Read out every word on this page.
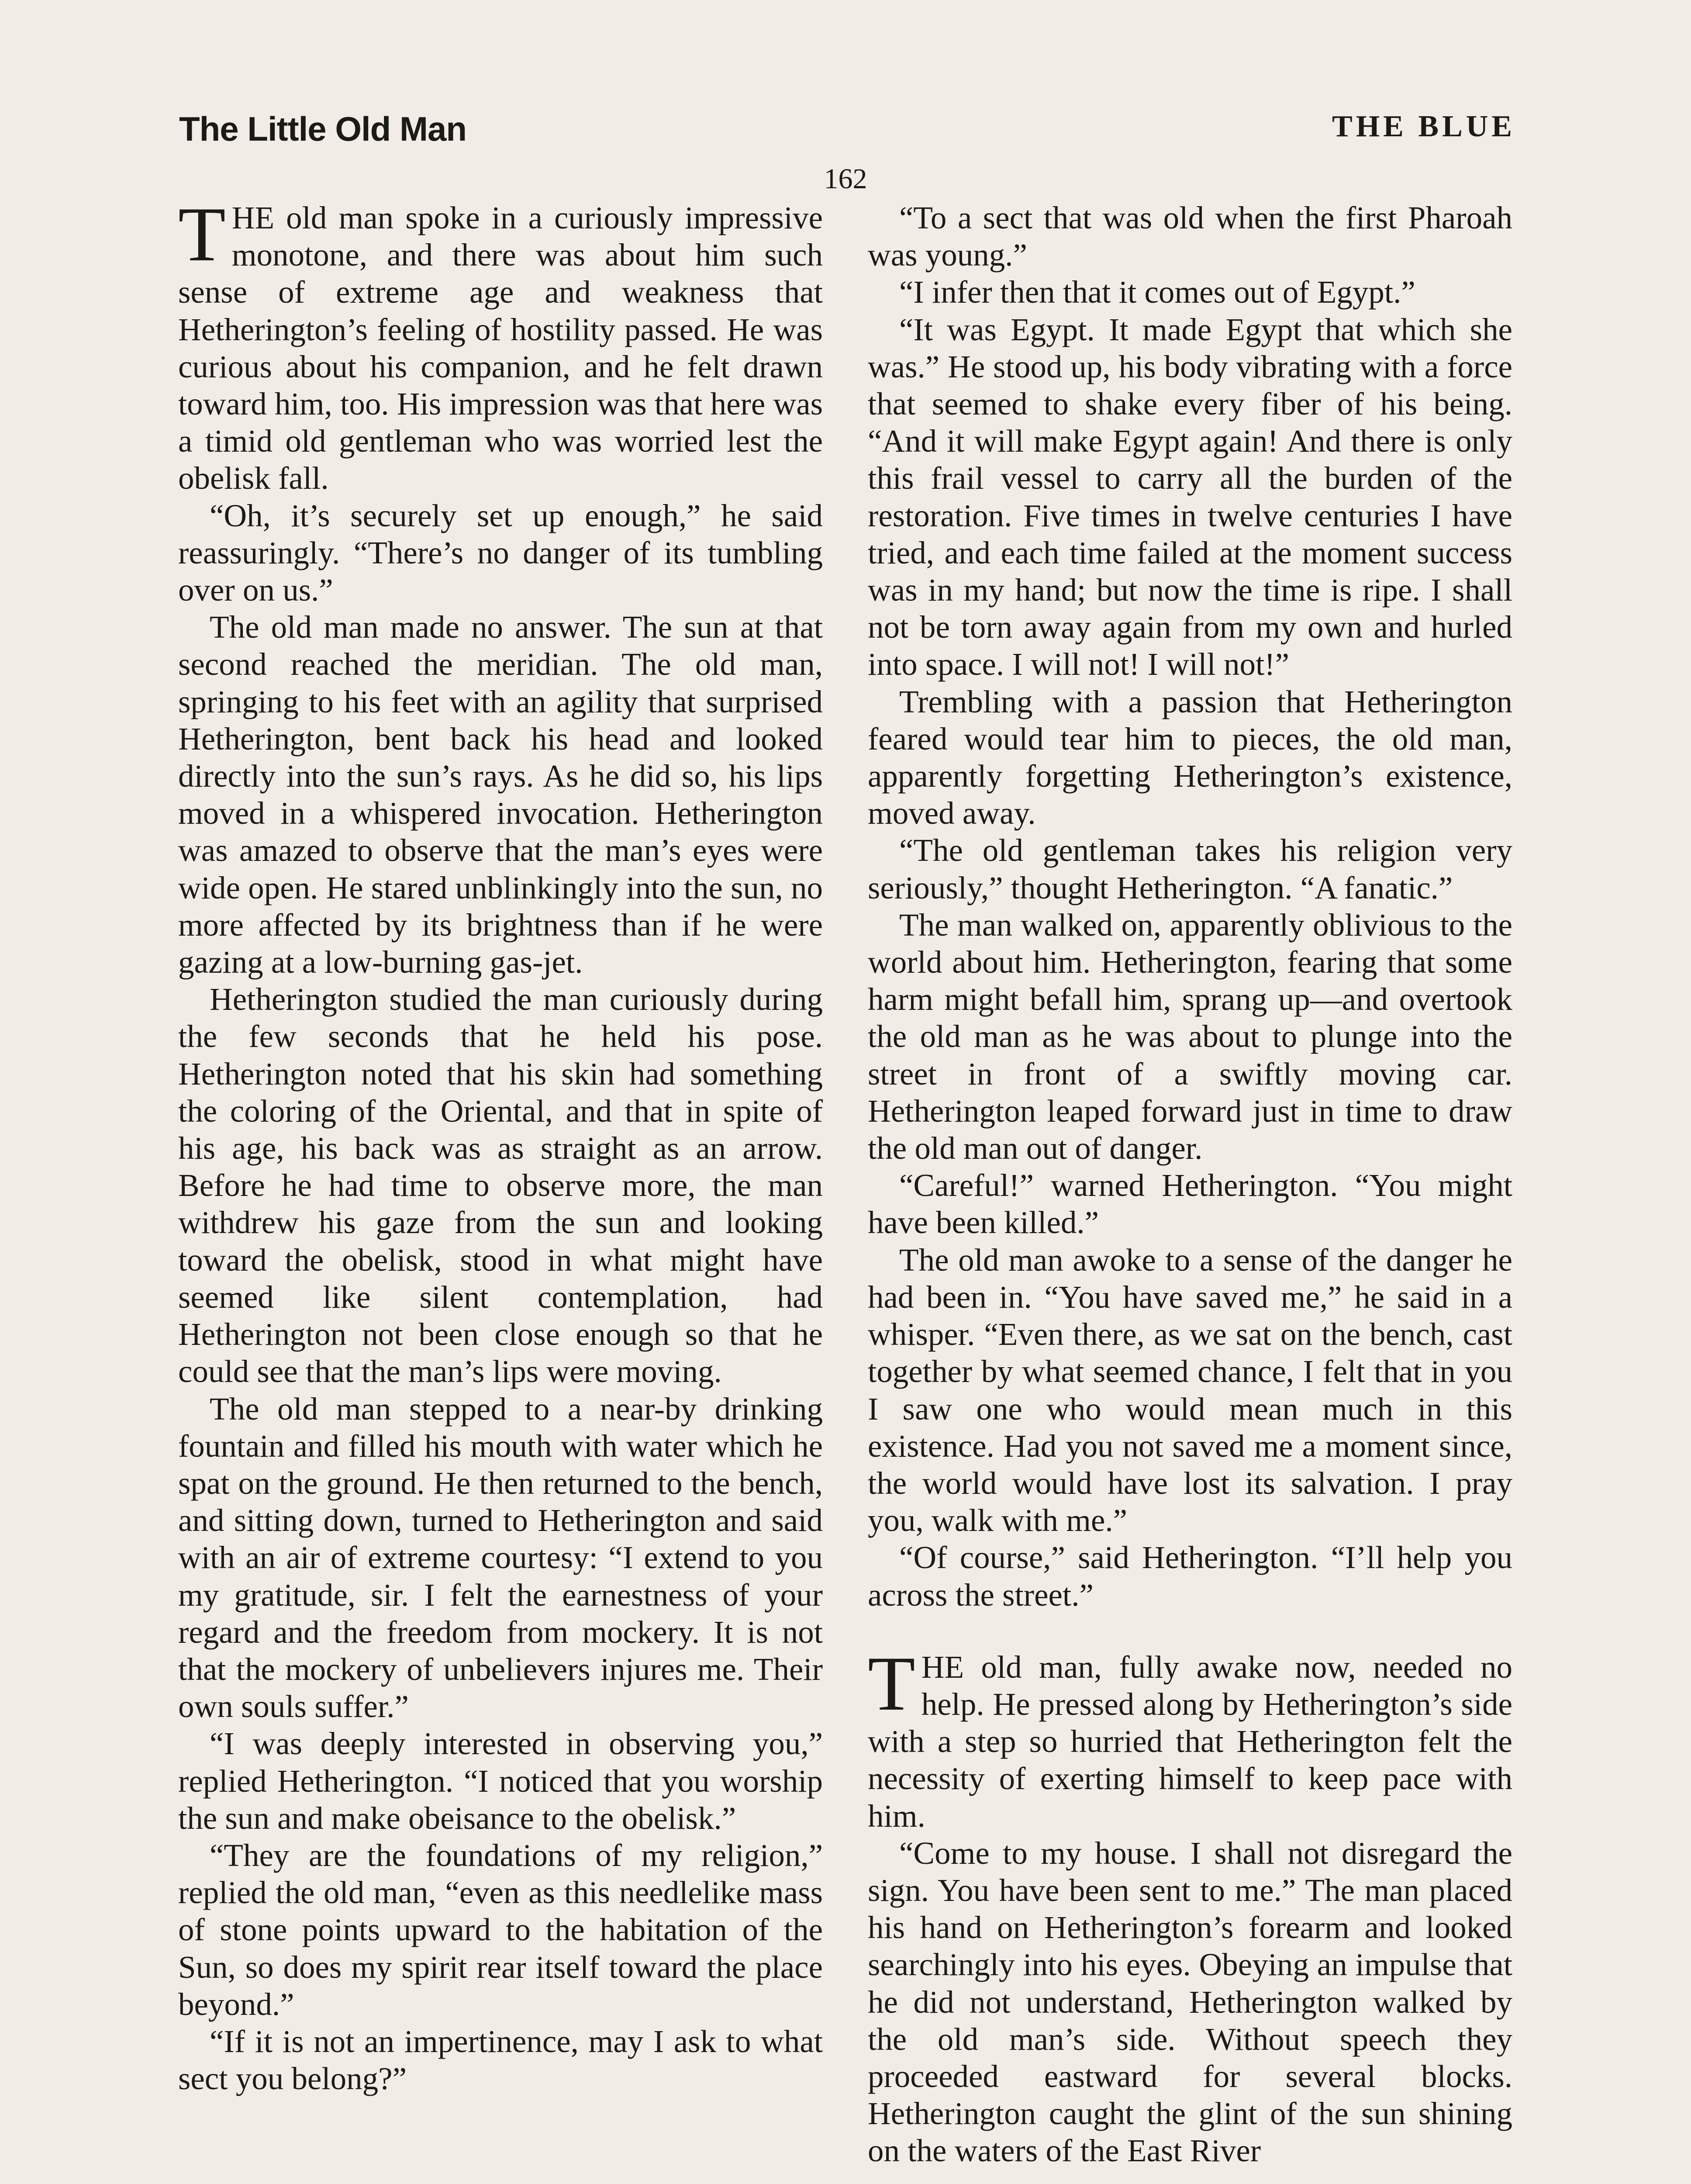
The Little Old Man	THE BLUE
162

THE old man spoke in a curiously impressive monotone, and there was about him such sense of extreme age and weakness that Hetherington’s feeling of hostility passed. He was curious about his companion, and he felt drawn toward him, too. His impression was that here was a timid old gentleman who was worried lest the obelisk fall.

“Oh, it’s securely set up enough,” he said reassuringly. “There’s no danger of its tumbling over on us.”

The old man made no answer. The sun at that second reached the meridian. The old man, springing to his feet with an agility that surprised Hetherington, bent back his head and looked directly into the sun’s rays. As he did so, his lips moved in a whispered invocation. Hetherington was amazed to observe that the man’s eyes were wide open. He stared unblinkingly into the sun, no more affected by its brightness than if he were gazing at a low-burning gas-jet.

Hetherington studied the man curiously during the few seconds that he held his pose. Hetherington noted that his skin had something the coloring of the Oriental, and that in spite of his age, his back was as straight as an arrow. Before he had time to observe more, the man withdrew his gaze from the sun and looking toward the obelisk, stood in what might have seemed like silent contemplation, had Hetherington not been close enough so that he could see that the man’s lips were moving.

The old man stepped to a near-by drinking fountain and filled his mouth with water which he spat on the ground. He then returned to the bench, and sitting down, turned to Hetherington and said with an air of extreme courtesy: “I extend to you my gratitude, sir. I felt the earnestness of your regard and the freedom from mockery. It is not that the mockery of unbelievers injures me. Their own souls suffer.”

“I was deeply interested in observing you,” replied Hetherington. “I noticed that you worship the sun and make obeisance to the obelisk.”

“They are the foundations of my religion,” replied the old man, “even as this needlelike mass of stone points upward to the habitation of the Sun, so does my spirit rear itself toward the place beyond.”

“If it is not an impertinence, may I ask to what sect you belong?”

“To a sect that was old when the first Pharoah was young.”

“I infer then that it comes out of Egypt.”

“It was Egypt. It made Egypt that which she was.” He stood up, his body vibrating with a force that seemed to shake every fiber of his being. “And it will make Egypt again! And there is only this frail vessel to carry all the burden of the restoration. Five times in twelve centuries I have tried, and each time failed at the moment success was in my hand; but now the time is ripe. I shall not be torn away again from my own and hurled into space. I will not! I will not!”

Trembling with a passion that Hetherington feared would tear him to pieces, the old man, apparently forgetting Hetherington’s existence, moved away.

“The old gentleman takes his religion very seriously,” thought Hetherington. “A fanatic.”

The man walked on, apparently oblivious to the world about him. Hetherington, fearing that some harm might befall him, sprang up—and overtook the old man as he was about to plunge into the street in front of a swiftly moving car. Hetherington leaped forward just in time to draw the old man out of danger.

“Careful!” warned Hetherington. “You might have been killed.”

The old man awoke to a sense of the danger he had been in. “You have saved me,” he said in a whisper. “Even there, as we sat on the bench, cast together by what seemed chance, I felt that in you I saw one who would mean much in this existence. Had you not saved me a moment since, the world would have lost its salvation. I pray you, walk with me.”

“Of course,” said Hetherington. “I’ll help you across the street.”

THE old man, fully awake now, needed no help. He pressed along by Hetherington’s side with a step so hurried that Hetherington felt the necessity of exerting himself to keep pace with him.

“Come to my house. I shall not disregard the sign. You have been sent to me.” The man placed his hand on Hetherington’s forearm and looked searchingly into his eyes. Obeying an impulse that he did not understand, Hetherington walked by the old man’s side. Without speech they proceeded eastward for several blocks. Hetherington caught the glint of the sun shining on the waters of the East River
